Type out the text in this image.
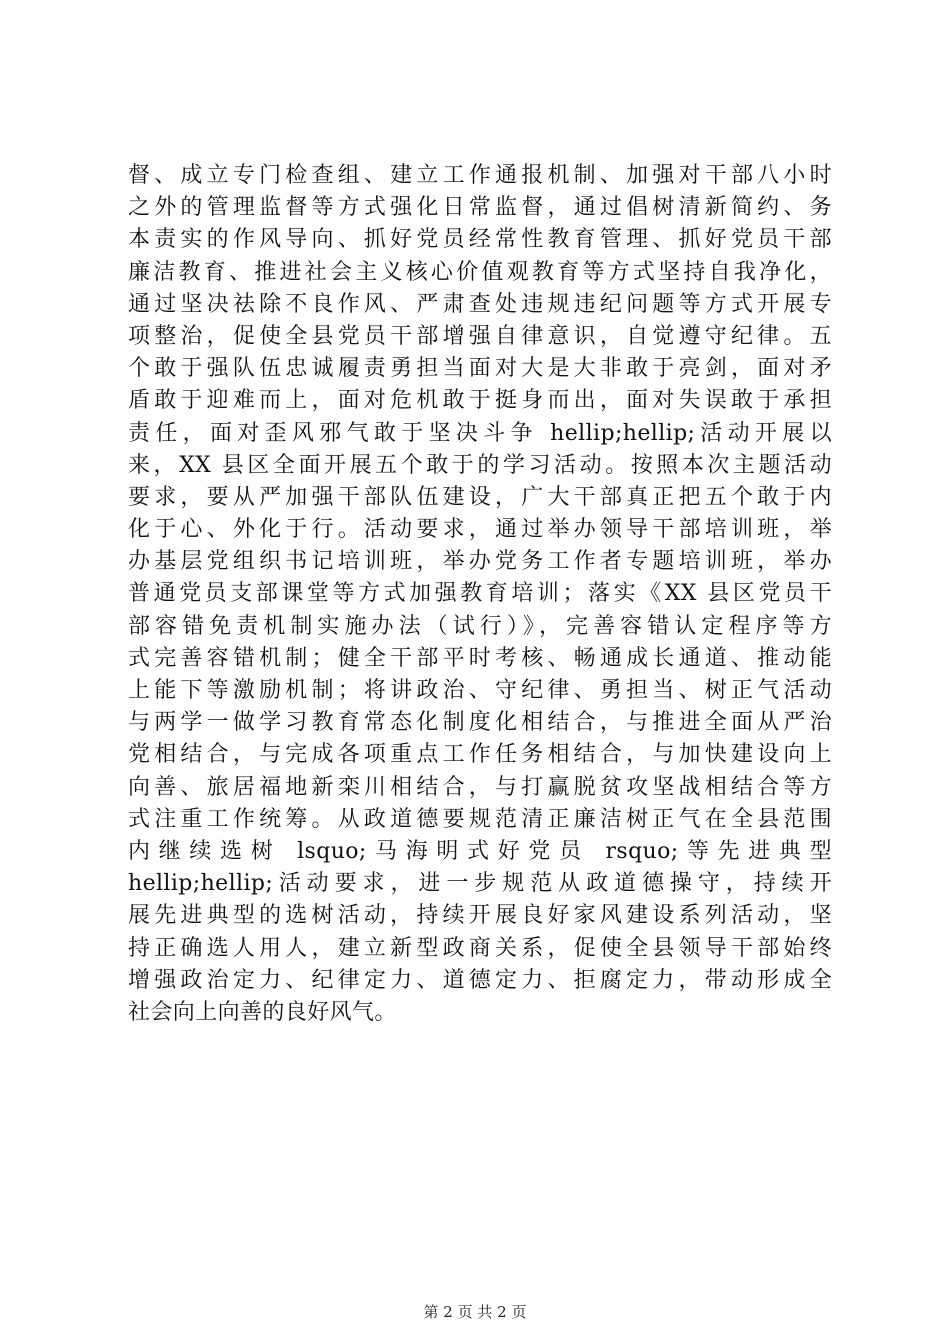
督、成立专门检查组、建立工作通报机制、加强对干部八小时
之外的管理监督等方式强化日常监督，通过倡树清新简约、务
本责实的作风导向、抓好党员经常性教育管理、抓好党员干部
廉洁教育、推进社会主义核心价值观教育等方式坚持自我净化，
通过坚决祛除不良作风、严肃查处违规违纪问题等方式开展专
项整治，促使全县党员干部增强自律意识，自觉遵守纪律。五
个敢于强队伍忠诚履责勇担当面对大是大非敢于亮剑，面对矛
盾敢于迎难而上，面对危机敢于挺身而出，面对失误敢于承担
责任，面对歪风邪气敢于坚决斗争 hellip;hellip;活动开展以
来，XX 县区全面开展五个敢于的学习活动。按照本次主题活动
要求，要从严加强干部队伍建设，广大干部真正把五个敢于内
化于心、外化于行。活动要求，通过举办领导干部培训班，举
办基层党组织书记培训班，举办党务工作者专题培训班，举办
普通党员支部课堂等方式加强教育培训；落实《XX 县区党员干
部容错免责机制实施办法（试行）》，完善容错认定程序等方
式完善容错机制；健全干部平时考核、畅通成长通道、推动能
上能下等激励机制；将讲政治、守纪律、勇担当、树正气活动
与两学一做学习教育常态化制度化相结合，与推进全面从严治
党相结合，与完成各项重点工作任务相结合，与加快建设向上
向善、旅居福地新栾川相结合，与打赢脱贫攻坚战相结合等方
式注重工作统筹。从政道德要规范清正廉洁树正气在全县范围
内继续选树 lsquo;马海明式好党员 rsquo;等先进典型
hellip;hellip;活动要求，进一步规范从政道德操守，持续开
展先进典型的选树活动，持续开展良好家风建设系列活动，坚
持正确选人用人，建立新型政商关系，促使全县领导干部始终
增强政治定力、纪律定力、道德定力、拒腐定力，带动形成全
社会向上向善的良好风气。
第 2 页 共 2 页
